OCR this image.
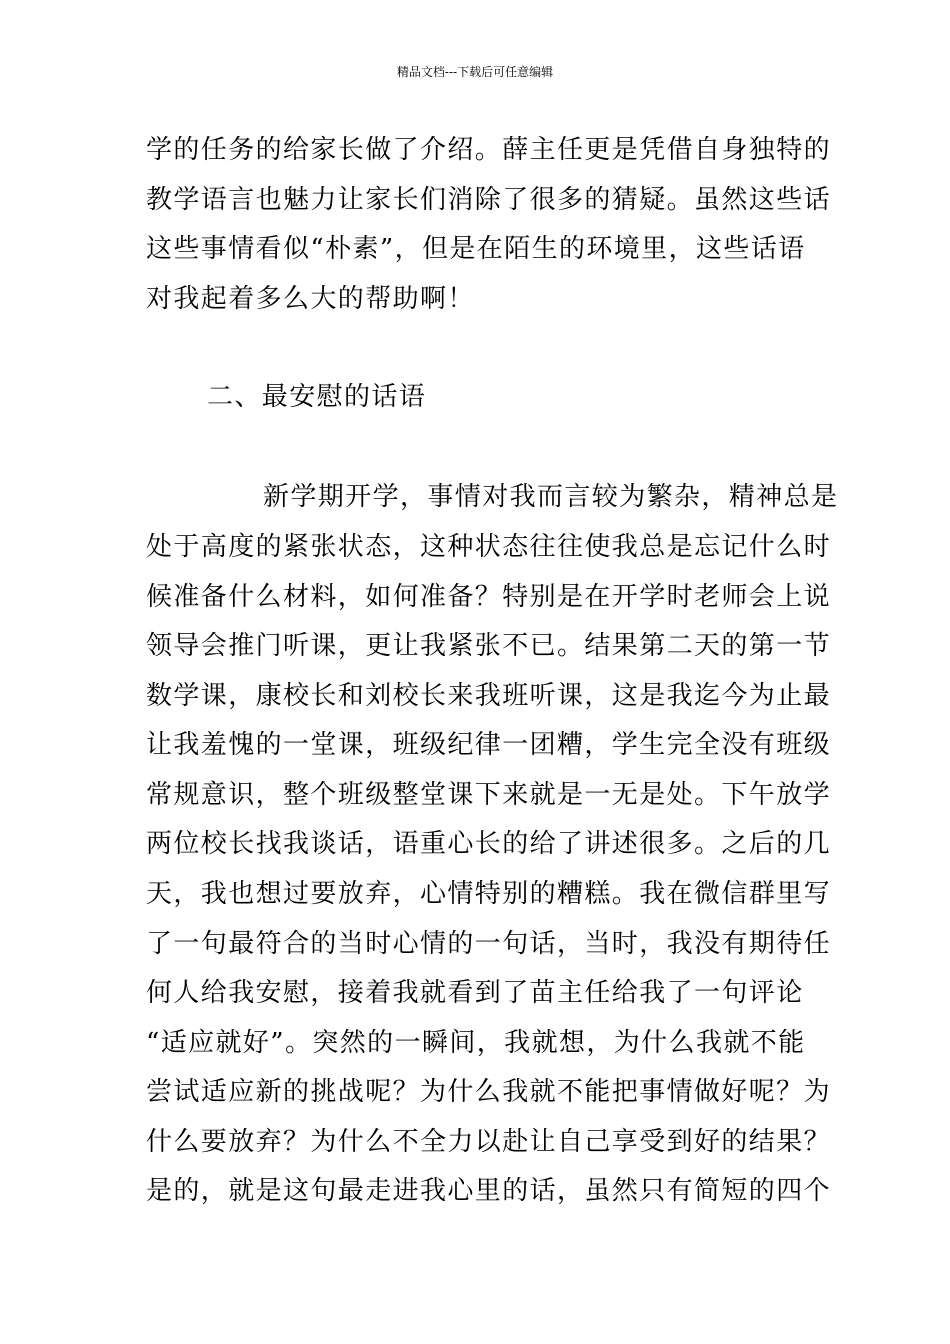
精品文档---下载后可任意编辑
学的任务的给家长做了介绍。薛主任更是凭借自身独特的
教学语言也魅力让家长们消除了很多的猜疑。虽然这些话
这些事情看似“朴素”，但是在陌生的环境里，这些话语
对我起着多么大的帮助啊！
二、最安慰的话语
新学期开学，事情对我而言较为繁杂，精神总是
处于高度的紧张状态，这种状态往往使我总是忘记什么时
候准备什么材料，如何准备？特别是在开学时老师会上说
领导会推门听课，更让我紧张不已。结果第二天的第一节
数学课，康校长和刘校长来我班听课，这是我迄今为止最
让我羞愧的一堂课，班级纪律一团糟，学生完全没有班级
常规意识，整个班级整堂课下来就是一无是处。下午放学
两位校长找我谈话，语重心长的给了讲述很多。之后的几
天，我也想过要放弃，心情特别的糟糕。我在微信群里写
了一句最符合的当时心情的一句话，当时，我没有期待任
何人给我安慰，接着我就看到了苗主任给我了一句评论
“适应就好”。突然的一瞬间，我就想，为什么我就不能
尝试适应新的挑战呢？为什么我就不能把事情做好呢？为
什么要放弃？为什么不全力以赴让自己享受到好的结果？
是的，就是这句最走进我心里的话，虽然只有简短的四个
